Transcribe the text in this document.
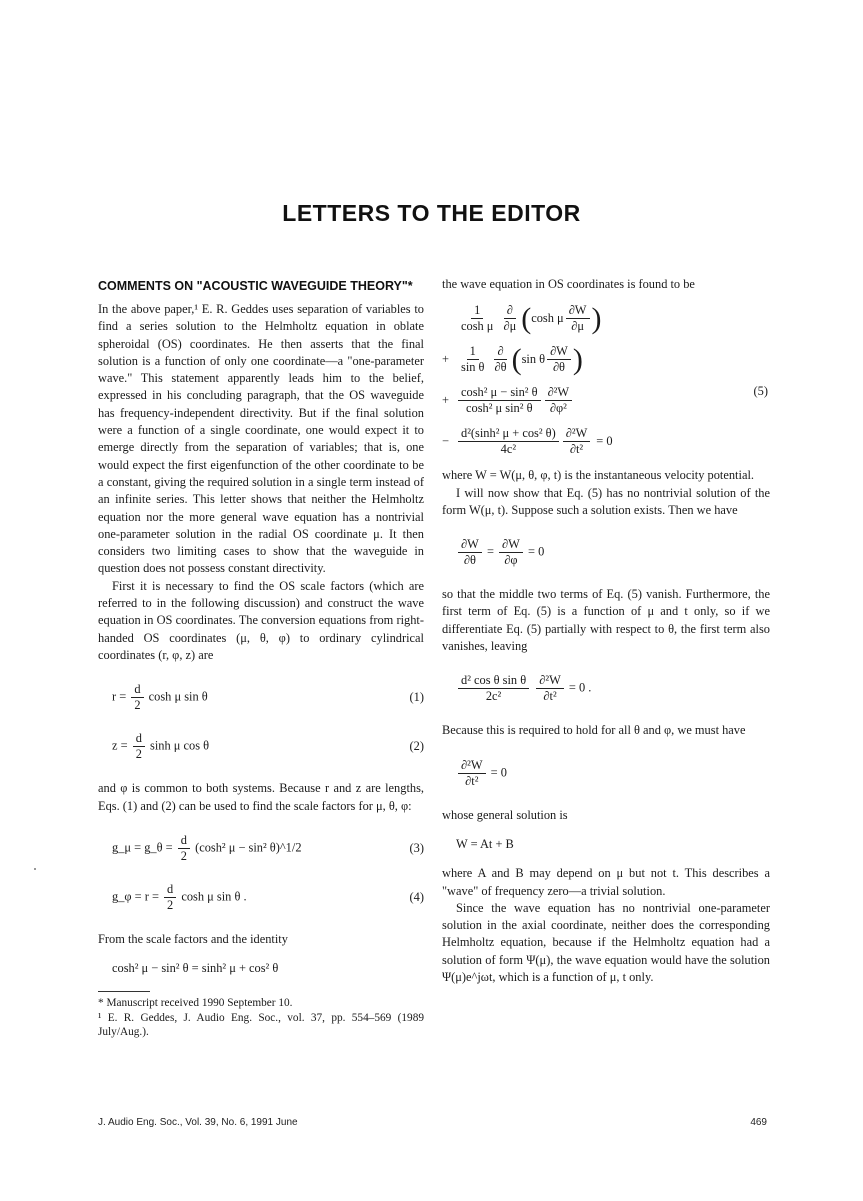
LETTERS TO THE EDITOR
COMMENTS ON "ACOUSTIC WAVEGUIDE THEORY"*

In the above paper,¹ E. R. Geddes uses separation of variables to find a series solution to the Helmholtz equation in oblate spheroidal (OS) coordinates. He then asserts that the final solution is a function of only one coordinate—a "one-parameter wave." This statement apparently leads him to the belief, expressed in his concluding paragraph, that the OS waveguide has frequency-independent directivity. But if the final solution were a function of a single coordinate, one would expect it to emerge directly from the separation of variables; that is, one would expect the first eigenfunction of the other coordinate to be a constant, giving the required solution in a single term instead of an infinite series. This letter shows that neither the Helmholtz equation nor the more general wave equation has a nontrivial one-parameter solution in the radial OS coordinate μ. It then considers two limiting cases to show that the waveguide in question does not possess constant directivity.

First it is necessary to find the OS scale factors (which are referred to in the following discussion) and construct the wave equation in OS coordinates. The conversion equations from right-handed OS coordinates (μ, θ, φ) to ordinary cylindrical coordinates (r, φ, z) are

$r = \frac{d}{2}$ cosh μ sin θ	(1)
$z = \frac{d}{2}$ sinh μ cos θ	(2)

and φ is common to both systems. Because r and z are lengths, Eqs. (1) and (2) can be used to find the scale factors for μ, θ, φ:

g_μ = g_θ = $\frac{d}{2} (\cosh^2$ μ − sin² θ)^1/2	(3)
g_φ = $r = \frac{d}{2}$ cosh μ sin θ .	(4)

From the scale factors and the identity

cosh² μ − sin² θ = sinh² μ + cos² θ
* Manuscript received 1990 September 10.
¹ E. R. Geddes, J. Audio Eng. Soc., vol. 37, pp. 554–569 (1989 July/Aug.).

the wave equation in OS coordinates is found to be

$\frac{1}{\text{cosh μ}} \frac{\partial}{\partial\mu}$ ( cosh μ $\frac{\partial W}{\partial\mu}$ )
+ $\frac{1}{\text{sin θ}} \frac{\partial}{\partial\theta}$ ( sin θ $\frac{\partial W}{\partial\theta}$ )
+ $\frac{\text{cosh² μ − sin² θ}}{\text{cosh² μ sin² θ}} \frac{\text{∂²W}}{\text{∂φ²}}$
− $\frac{\text{d²(sinh² μ + cos² θ)}}{\text{4c²}} \frac{\text{∂²W}}{\text{∂t²}} = 0$
(5)

where W = W(μ, θ, φ, t) is the instantaneous velocity potential.

I will now show that Eq. (5) has no nontrivial solution of the form W(μ, t). Suppose such a solution exists. Then we have

$\frac{\partial W}{\partial\theta} = \frac{\partial W}{\partial\varphi} = 0$

so that the middle two terms of Eq. (5) vanish. Furthermore, the first term of Eq. (5) is a function of μ and t only, so if we differentiate Eq. (5) partially with respect to θ, the first term also vanishes, leaving

$\frac{\text{d² cos θ sin θ}}{\text{2c²}}$
$\frac{\text{∂²W}}{\text{∂t²}} = 0$ .

Because this is required to hold for all θ and φ, we must have

$\frac{\text{∂²W}}{\text{∂t²}} = 0$

whose general solution is

W = At + B

where A and B may depend on μ but not t. This describes a "wave" of frequency zero—a trivial solution.

Since the wave equation has no nontrivial one-parameter solution in the axial coordinate, neither does the corresponding Helmholtz equation, because if the Helmholtz equation had a solution of form Ψ(μ), the wave equation would have the solution Ψ(μ)e^jωt, which is a function of μ, t only.

J. Audio Eng. Soc., Vol. 39, No. 6, 1991 June	469
